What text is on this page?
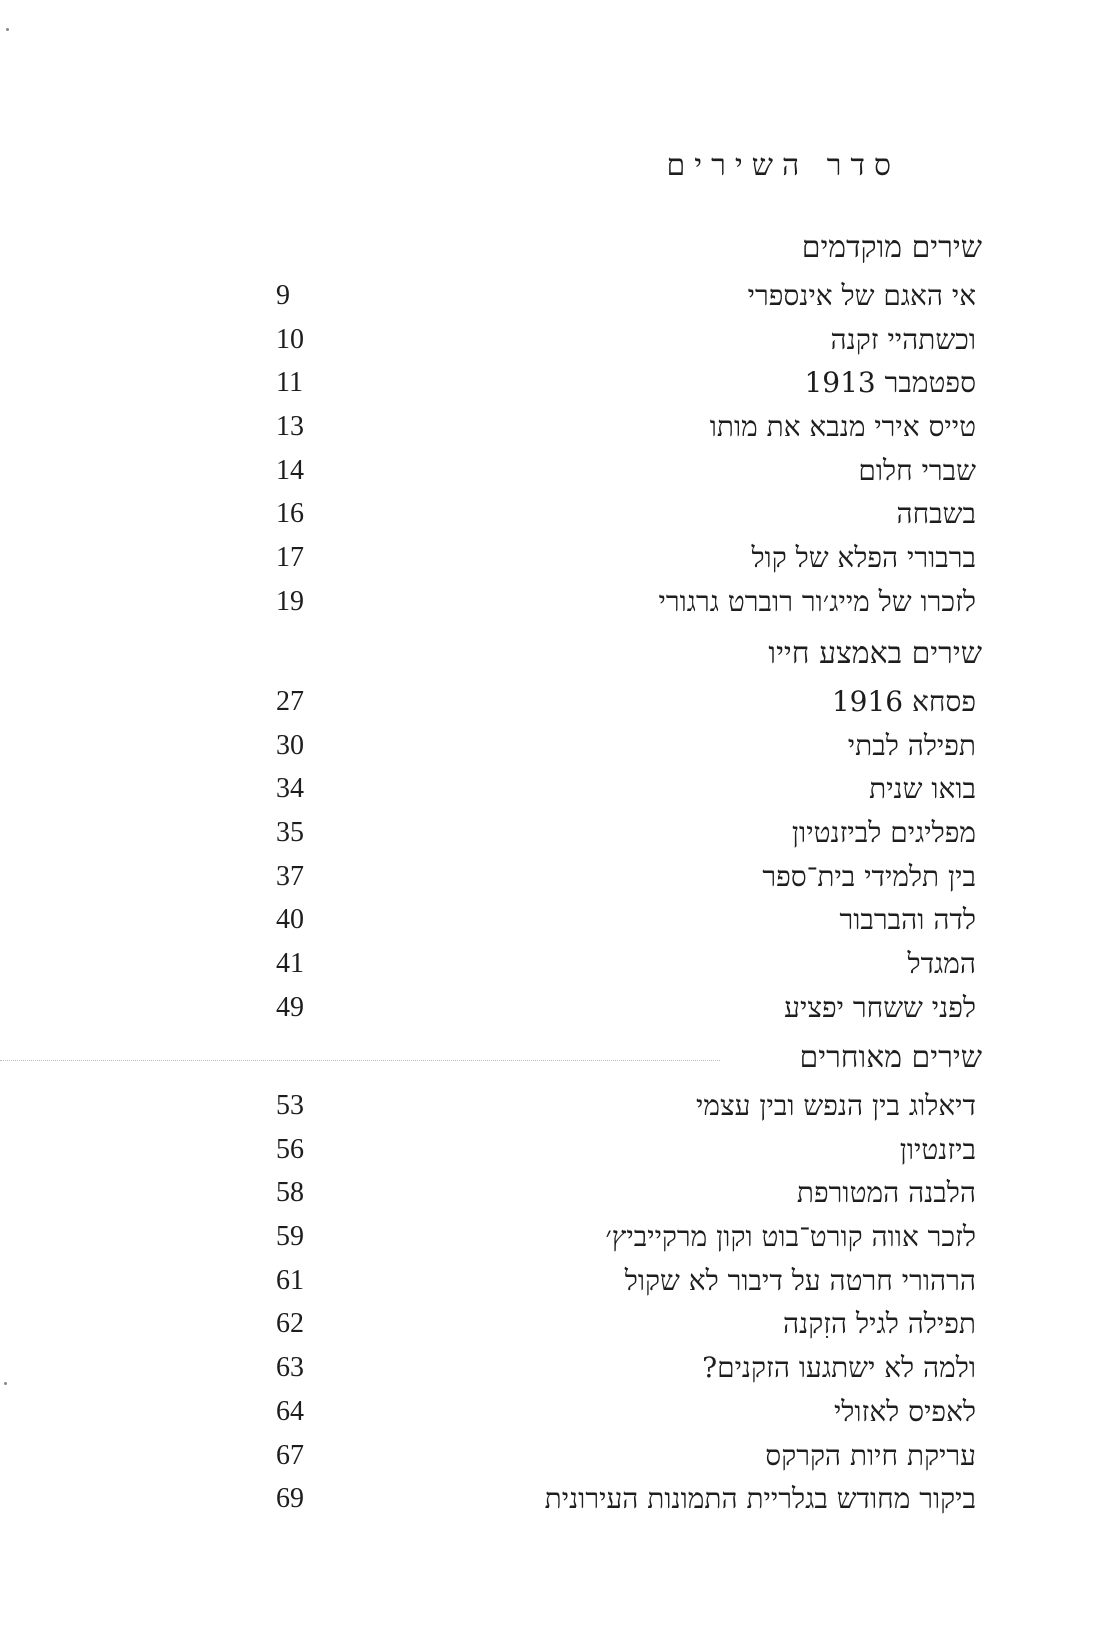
סדר השירים
שירים מוקדמים
אי האגם של אינספרי
9
וכשתהיי זקנה
10
ספטמבר 1913
11
טייס אירי מנבא את מותו
13
שברי חלום
14
בשבחה
16
ברבורי הפלא של קול
17
לזכרו של מייג׳ור רוברט גרגורי
19
שירים באמצע חייו
פסחא 1916
27
תפילה לבתי
30
בואו שנית
34
מפליגים לביזנטיון
35
בין תלמידי בית־ספר
37
לדה והברבור
40
המגדל
41
לפני ששחר יפציע
49
שירים מאוחרים
דיאלוג בין הנפש ובין עצמי
53
ביזנטיון
56
הלבנה המטורפת
58
לזכר אווה קורט־בוט וקון מרקייביץ׳
59
הרהורי חרטה על דיבור לא שקול
61
תפילה לגיל הזִקנה
62
ולמה לא ישתגעו הזקנים?
63
לאפיס לאזולי
64
עריקת חיות הקרקס
67
ביקור מחודש בגלריית התמונות העירונית
69
